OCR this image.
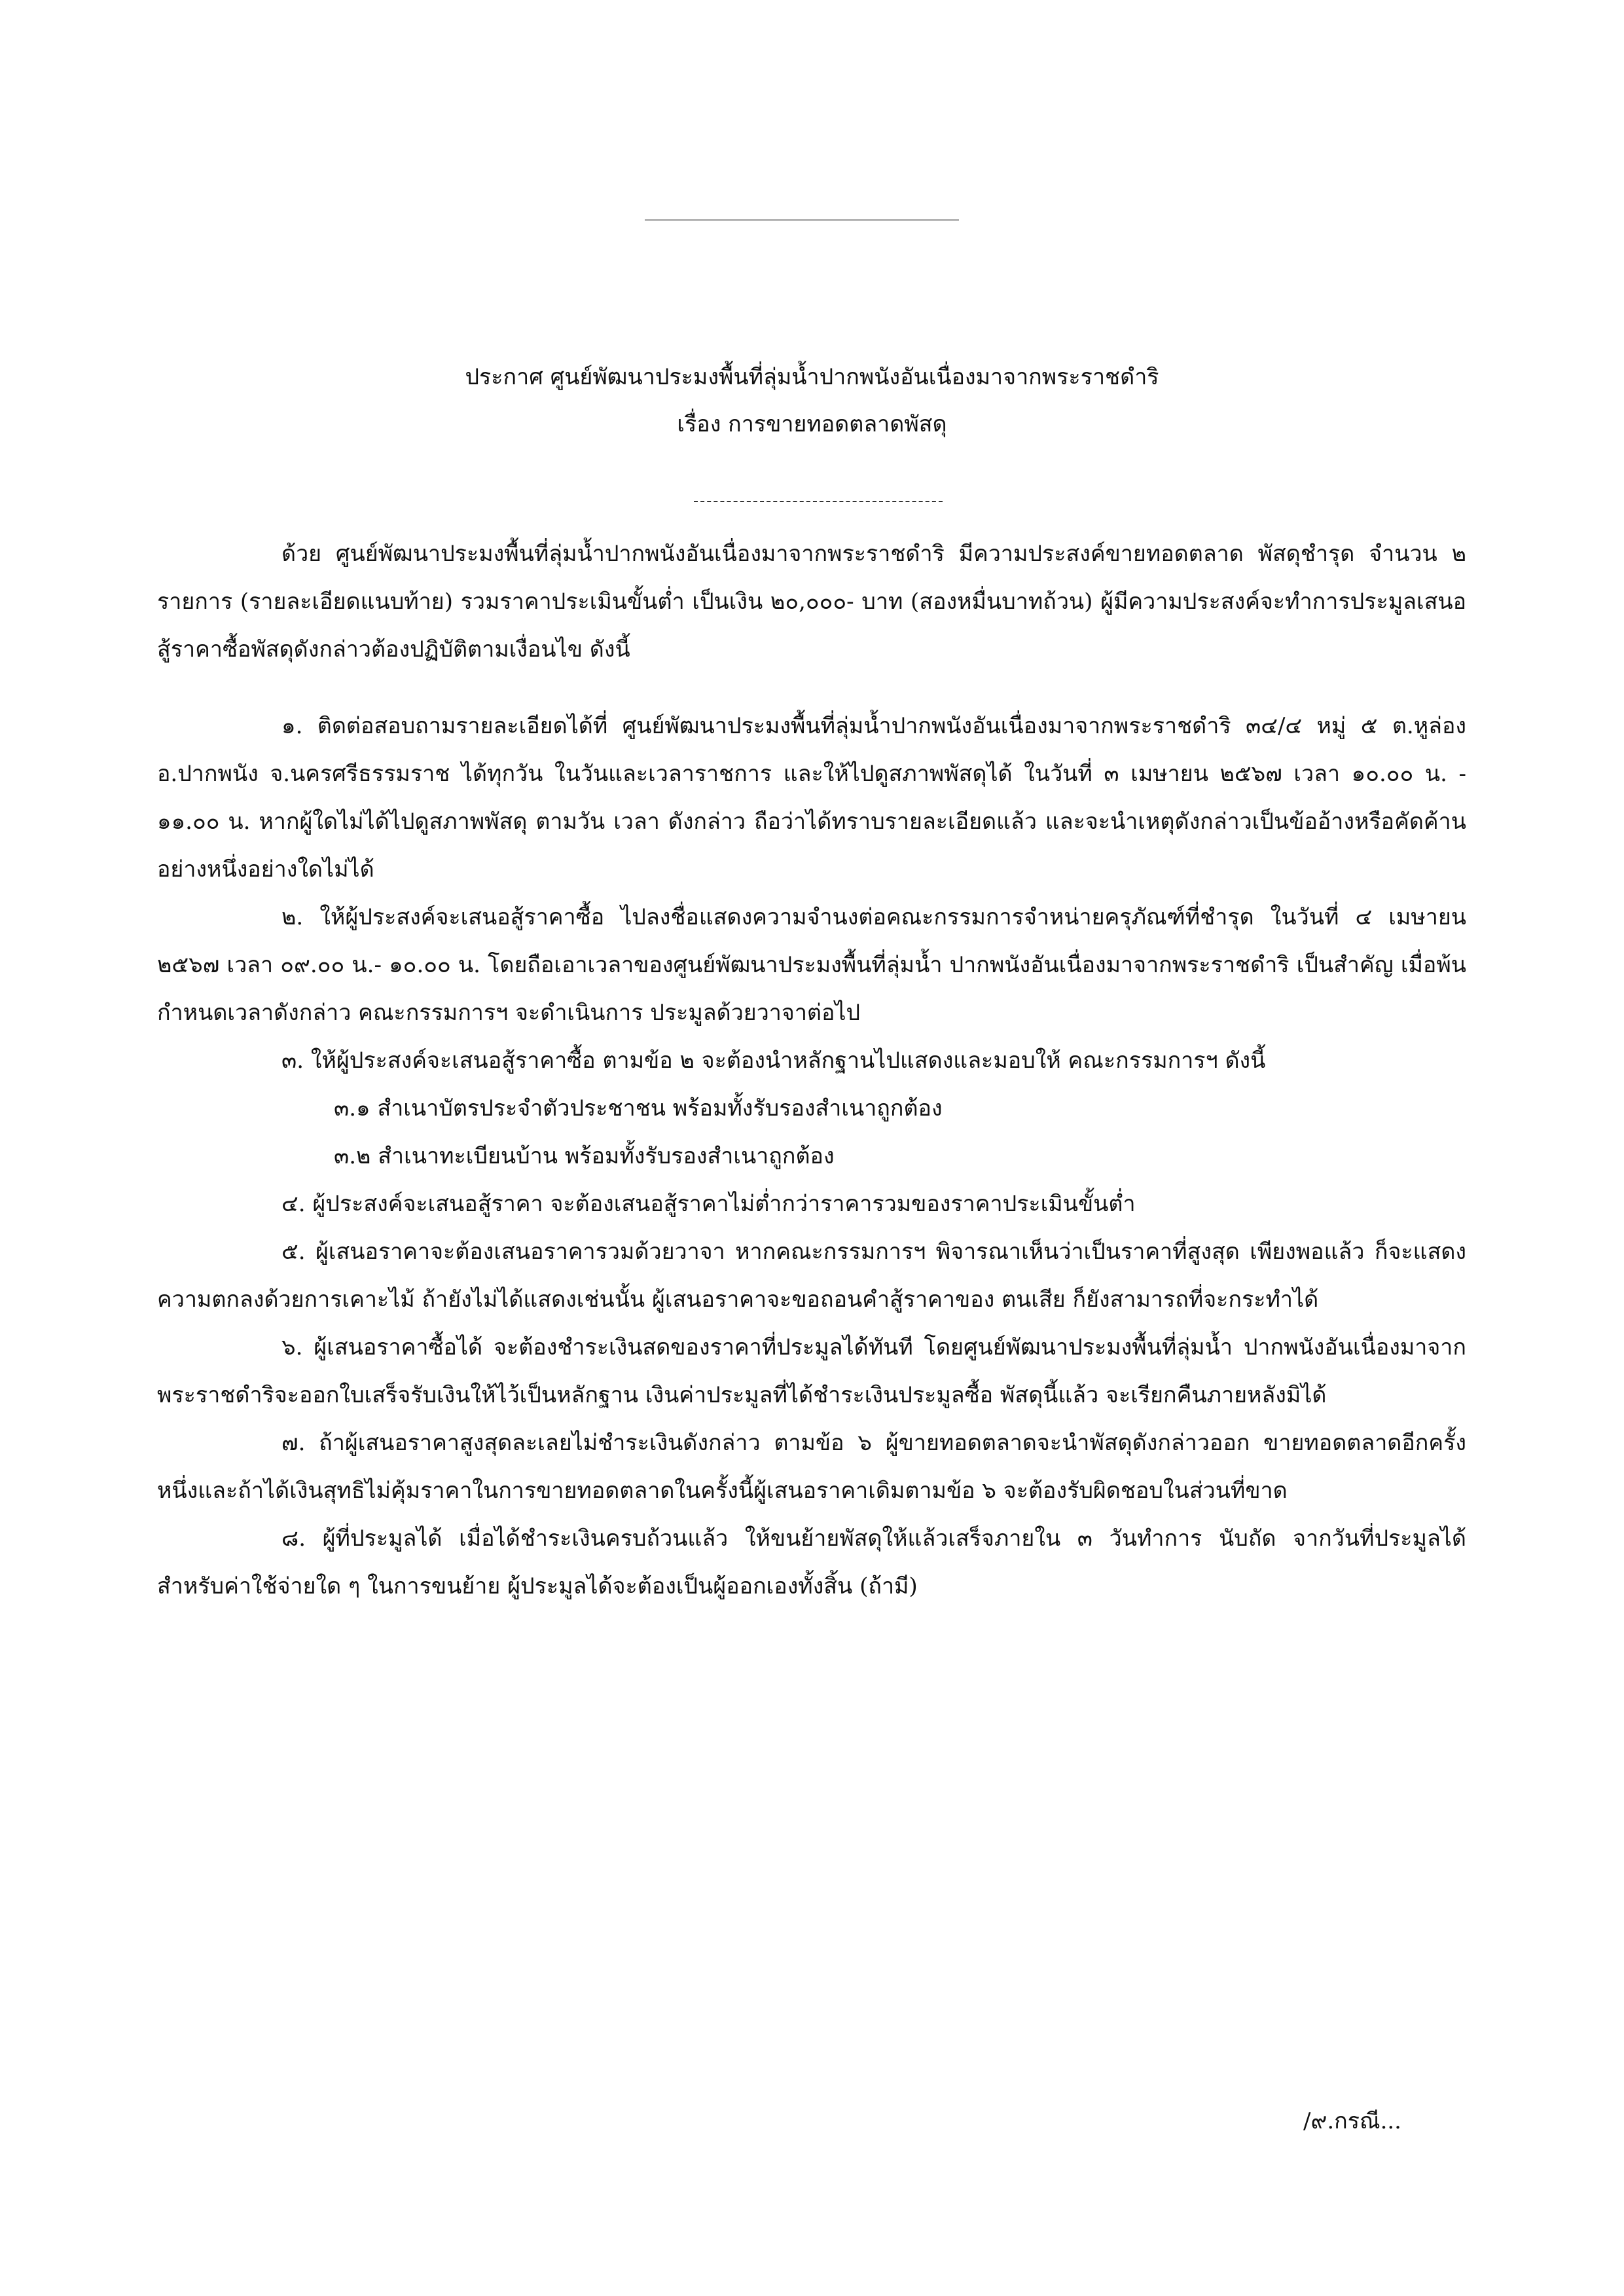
ประกาศ ศูนย์พัฒนาประมงพื้นที่ลุ่มน้ำปากพนังอันเนื่องมาจากพระราชดำริ
เรื่อง การขายทอดตลาดพัสดุ

ด้วย ศูนย์พัฒนาประมงพื้นที่ลุ่มน้ำปากพนังอันเนื่องมาจากพระราชดำริ มีความประสงค์ขายทอดตลาด พัสดุชำรุด จำนวน ๒ รายการ (รายละเอียดแนบท้าย) รวมราคาประเมินขั้นต่ำ เป็นเงิน ๒๐,๐๐๐- บาท (สองหมื่นบาทถ้วน) ผู้มีความประสงค์จะทำการประมูลเสนอสู้ราคาซื้อพัสดุดังกล่าวต้องปฏิบัติตามเงื่อนไข ดังนี้

๑. ติดต่อสอบถามรายละเอียดได้ที่ ศูนย์พัฒนาประมงพื้นที่ลุ่มน้ำปากพนังอันเนื่องมาจากพระราชดำริ ๓๔/๔ หมู่ ๕ ต.หูล่อง อ.ปากพนัง จ.นครศรีธรรมราช ได้ทุกวัน ในวันและเวลาราชการ และให้ไปดูสภาพพัสดุได้ ในวันที่ ๓ เมษายน ๒๕๖๗ เวลา ๑๐.๐๐ น. - ๑๑.๐๐ น. หากผู้ใดไม่ได้ไปดูสภาพพัสดุ ตามวัน เวลา ดังกล่าว ถือว่าได้ทราบรายละเอียดแล้ว และจะนำเหตุดังกล่าวเป็นข้ออ้างหรือคัดค้านอย่างหนึ่งอย่างใดไม่ได้

๒. ให้ผู้ประสงค์จะเสนอสู้ราคาซื้อ ไปลงชื่อแสดงความจำนงต่อคณะกรรมการจำหน่ายครุภัณฑ์ที่ชำรุด ในวันที่ ๔ เมษายน ๒๕๖๗ เวลา ๐๙.๐๐ น.- ๑๐.๐๐ น. โดยถือเอาเวลาของศูนย์พัฒนาประมงพื้นที่ลุ่มน้ำ ปากพนังอันเนื่องมาจากพระราชดำริ เป็นสำคัญ เมื่อพ้นกำหนดเวลาดังกล่าว คณะกรรมการฯ จะดำเนินการ ประมูลด้วยวาจาต่อไป

๓. ให้ผู้ประสงค์จะเสนอสู้ราคาซื้อ ตามข้อ ๒ จะต้องนำหลักฐานไปแสดงและมอบให้ คณะกรรมการฯ ดังนี้

๓.๑ สำเนาบัตรประจำตัวประชาชน พร้อมทั้งรับรองสำเนาถูกต้อง

๓.๒ สำเนาทะเบียนบ้าน พร้อมทั้งรับรองสำเนาถูกต้อง

๔. ผู้ประสงค์จะเสนอสู้ราคา จะต้องเสนอสู้ราคาไม่ต่ำกว่าราคารวมของราคาประเมินขั้นต่ำ

๕. ผู้เสนอราคาจะต้องเสนอราคารวมด้วยวาจา หากคณะกรรมการฯ พิจารณาเห็นว่าเป็นราคาที่สูงสุด เพียงพอแล้ว ก็จะแสดงความตกลงด้วยการเคาะไม้ ถ้ายังไม่ได้แสดงเช่นนั้น ผู้เสนอราคาจะขอถอนคำสู้ราคาของ ตนเสีย ก็ยังสามารถที่จะกระทำได้

๖. ผู้เสนอราคาซื้อได้ จะต้องชำระเงินสดของราคาที่ประมูลได้ทันที โดยศูนย์พัฒนาประมงพื้นที่ลุ่มน้ำ ปากพนังอันเนื่องมาจากพระราชดำริจะออกใบเสร็จรับเงินให้ไว้เป็นหลักฐาน เงินค่าประมูลที่ได้ชำระเงินประมูลซื้อ พัสดุนี้แล้ว จะเรียกคืนภายหลังมิได้

๗. ถ้าผู้เสนอราคาสูงสุดละเลยไม่ชำระเงินดังกล่าว ตามข้อ ๖ ผู้ขายทอดตลาดจะนำพัสดุดังกล่าวออก ขายทอดตลาดอีกครั้งหนึ่งและถ้าได้เงินสุทธิไม่คุ้มราคาในการขายทอดตลาดในครั้งนี้ผู้เสนอราคาเดิมตามข้อ ๖ จะต้องรับผิดชอบในส่วนที่ขาด

๘. ผู้ที่ประมูลได้ เมื่อได้ชำระเงินครบถ้วนแล้ว ให้ขนย้ายพัสดุให้แล้วเสร็จภายใน ๓ วันทำการ นับถัด จากวันที่ประมูลได้ สำหรับค่าใช้จ่ายใด ๆ ในการขนย้าย ผู้ประมูลได้จะต้องเป็นผู้ออกเองทั้งสิ้น (ถ้ามี)

/๙.กรณี...
